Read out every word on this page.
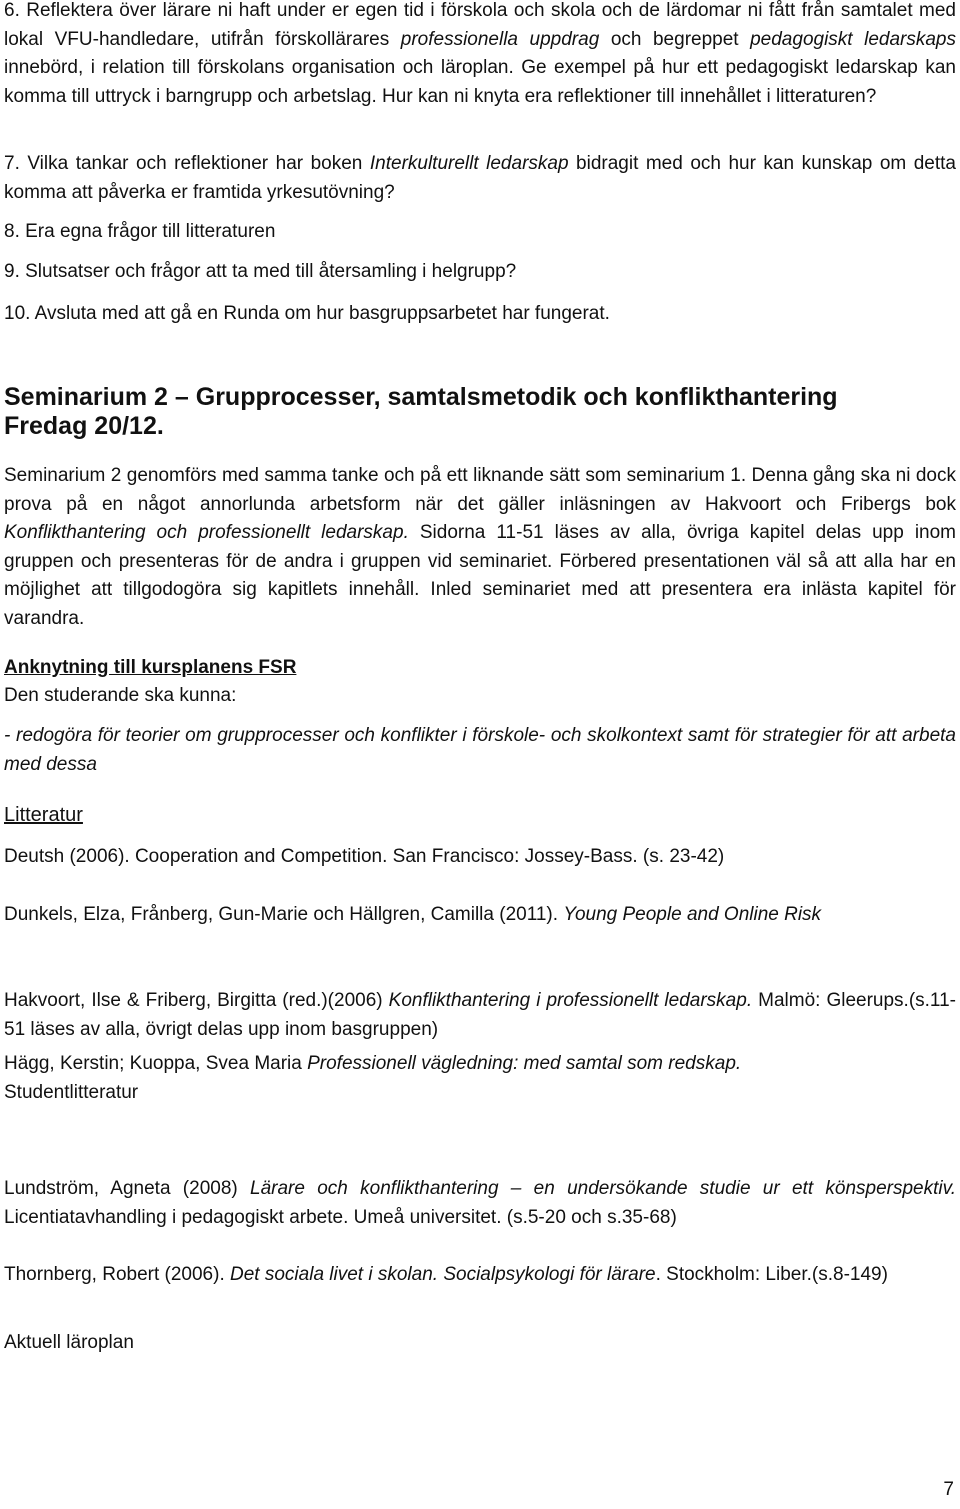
6. Reflektera över lärare ni haft under er egen tid i förskola och skola och de lärdomar ni fått från samtalet med lokal VFU-handledare, utifrån förskollärares professionella uppdrag och begreppet pedagogiskt ledarskaps innebörd, i relation till förskolans organisation och läroplan. Ge exempel på hur ett pedagogiskt ledarskap kan komma till uttryck i barngrupp och arbetslag. Hur kan ni knyta era reflektioner till innehållet i litteraturen?

7. Vilka tankar och reflektioner har boken Interkulturellt ledarskap bidragit med och hur kan kunskap om detta komma att påverka er framtida yrkesutövning?

8. Era egna frågor till litteraturen

9. Slutsatser och frågor att ta med till återsamling i helgrupp?

10. Avsluta med att gå en Runda om hur basgruppsarbetet har fungerat.

Seminarium 2 – Grupprocesser, samtalsmetodik och konflikthantering
Fredag 20/12.

Seminarium 2 genomförs med samma tanke och på ett liknande sätt som seminarium 1. Denna gång ska ni dock prova på en något annorlunda arbetsform när det gäller inläsningen av Hakvoort och Fribergs bok Konflikthantering och professionellt ledarskap. Sidorna 11-51 läses av alla, övriga kapitel delas upp inom gruppen och presenteras för de andra i gruppen vid seminariet. Förbered presentationen väl så att alla har en möjlighet att tillgodogöra sig kapitlets innehåll. Inled seminariet med att presentera era inlästa kapitel för varandra.

Anknytning till kursplanens FSR

Den studerande ska kunna:

- redogöra för teorier om grupprocesser och konflikter i förskole- och skolkontext samt för strategier för att arbeta med dessa

Litteratur

Deutsh (2006). Cooperation and Competition. San Francisco: Jossey-Bass. (s. 23-42)

Dunkels, Elza, Frånberg, Gun-Marie och Hällgren, Camilla (2011). Young People and Online Risk

Hakvoort, Ilse & Friberg, Birgitta (red.)(2006) Konflikthantering i professionellt ledarskap. Malmö: Gleerups.(s.11-51 läses av alla, övrigt delas upp inom basgruppen)

Hägg, Kerstin; Kuoppa, Svea Maria Professionell vägledning: med samtal som redskap.
Studentlitteratur

Lundström, Agneta (2008) Lärare och konflikthantering – en undersökande studie ur ett könsperspektiv. Licentiatavhandling i pedagogiskt arbete. Umeå universitet. (s.5-20 och s.35-68)

Thornberg, Robert (2006). Det sociala livet i skolan. Socialpsykologi för lärare. Stockholm: Liber.(s.8-149)

Aktuell läroplan

7
